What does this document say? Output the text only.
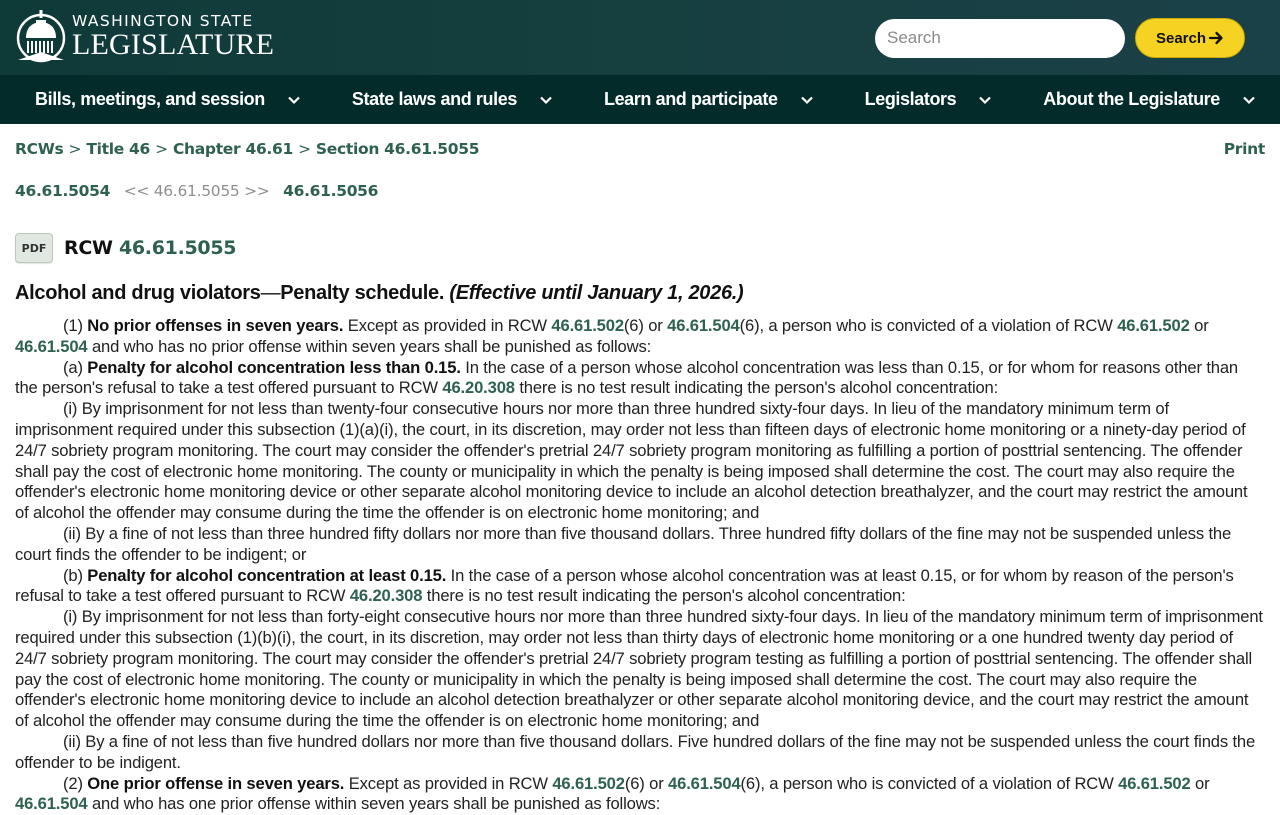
WASHINGTON STATE
LEGISLATURE
Search	Search
Bills, meetings, and session	State laws and rules	Learn and participate	Legislators	About the Legislature
RCWs > Title 46 > Chapter 46.61 > Section 46.61.5055	Print
46.61.5054 << 46.61.5055 >> 46.61.5056
PDF RCW 46.61.5055
Alcohol and drug violators—Penalty schedule. (Effective until January 1, 2026.)

(1) No prior offenses in seven years. Except as provided in RCW 46.61.502(6) or 46.61.504(6), a person who is convicted of a violation of RCW 46.61.502 or 46.61.504 and who has no prior offense within seven years shall be punished as follows:

(a) Penalty for alcohol concentration less than 0.15. In the case of a person whose alcohol concentration was less than 0.15, or for whom for reasons other than the person's refusal to take a test offered pursuant to RCW 46.20.308 there is no test result indicating the person's alcohol concentration:

(i) By imprisonment for not less than twenty-four consecutive hours nor more than three hundred sixty-four days. In lieu of the mandatory minimum term of imprisonment required under this subsection (1)(a)(i), the court, in its discretion, may order not less than fifteen days of electronic home monitoring or a ninety-day period of 24/7 sobriety program monitoring. The court may consider the offender's pretrial 24/7 sobriety program monitoring as fulfilling a portion of posttrial sentencing. The offender shall pay the cost of electronic home monitoring. The county or municipality in which the penalty is being imposed shall determine the cost. The court may also require the offender's electronic home monitoring device or other separate alcohol monitoring device to include an alcohol detection breathalyzer, and the court may restrict the amount of alcohol the offender may consume during the time the offender is on electronic home monitoring; and

(ii) By a fine of not less than three hundred fifty dollars nor more than five thousand dollars. Three hundred fifty dollars of the fine may not be suspended unless the court finds the offender to be indigent; or

(b) Penalty for alcohol concentration at least 0.15. In the case of a person whose alcohol concentration was at least 0.15, or for whom by reason of the person's refusal to take a test offered pursuant to RCW 46.20.308 there is no test result indicating the person's alcohol concentration:

(i) By imprisonment for not less than forty-eight consecutive hours nor more than three hundred sixty-four days. In lieu of the mandatory minimum term of imprisonment required under this subsection (1)(b)(i), the court, in its discretion, may order not less than thirty days of electronic home monitoring or a one hundred twenty day period of 24/7 sobriety program monitoring. The court may consider the offender's pretrial 24/7 sobriety program testing as fulfilling a portion of posttrial sentencing. The offender shall pay the cost of electronic home monitoring. The county or municipality in which the penalty is being imposed shall determine the cost. The court may also require the offender's electronic home monitoring device to include an alcohol detection breathalyzer or other separate alcohol monitoring device, and the court may restrict the amount of alcohol the offender may consume during the time the offender is on electronic home monitoring; and

(ii) By a fine of not less than five hundred dollars nor more than five thousand dollars. Five hundred dollars of the fine may not be suspended unless the court finds the offender to be indigent.

(2) One prior offense in seven years. Except as provided in RCW 46.61.502(6) or 46.61.504(6), a person who is convicted of a violation of RCW 46.61.502 or 46.61.504 and who has one prior offense within seven years shall be punished as follows:
